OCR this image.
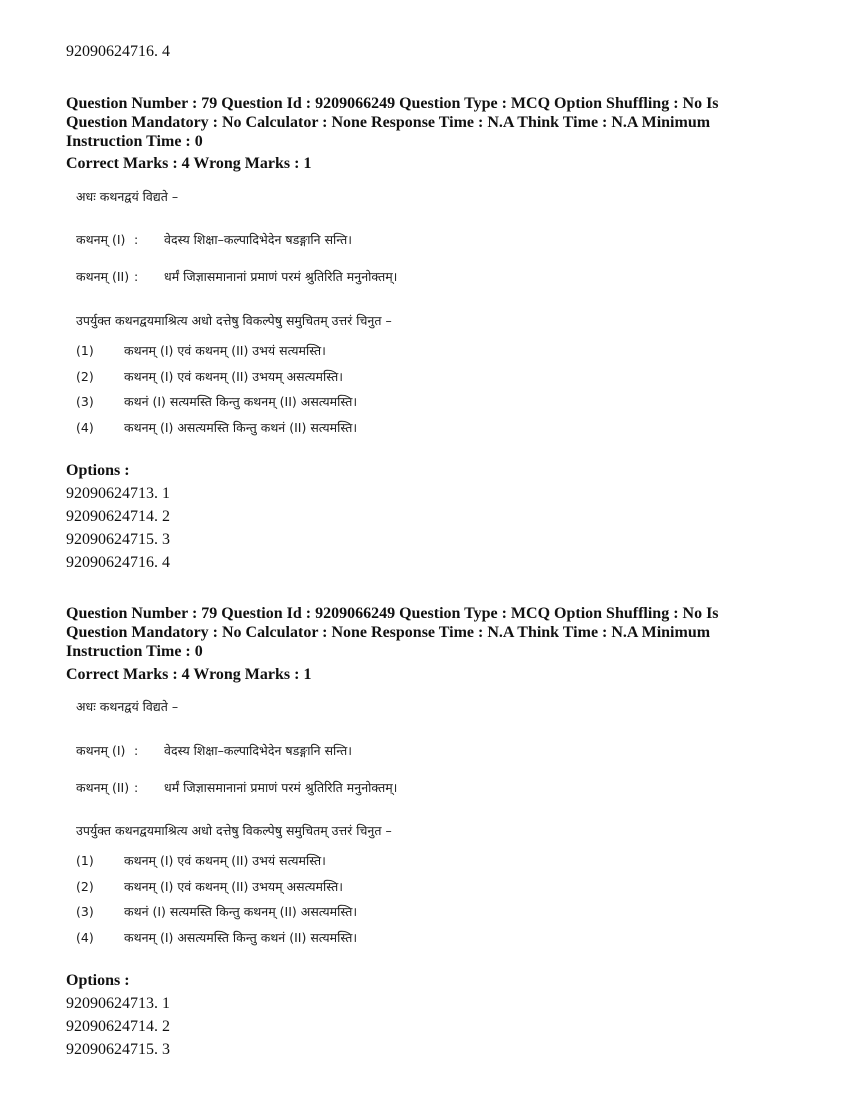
92090624716. 4
Question Number : 79 Question Id : 9209066249 Question Type : MCQ Option Shuffling : No Is
Question Mandatory : No Calculator : None Response Time : N.A Think Time : N.A Minimum
Instruction Time : 0
Correct Marks : 4 Wrong Marks : 1
अधः कथनद्वयं विद्यते –
कथनम् (I) : वेदस्य शिक्षा–कल्पादिभेदेन षडङ्गानि सन्ति।
कथनम् (II) : धर्मं जिज्ञासमानानां प्रमाणं परमं श्रुतिरिति मनुनोक्तम्।
उपर्युक्त कथनद्वयमाश्रित्य अधो दत्तेषु विकल्पेषु समुचितम् उत्तरं चिनुत –
(1) कथनम् (I) एवं कथनम् (II) उभयं सत्यमस्ति।
(2) कथनम् (I) एवं कथनम् (II) उभयम् असत्यमस्ति।
(3) कथनं (I) सत्यमस्ति किन्तु कथनम् (II) असत्यमस्ति।
(4) कथनम् (I) असत्यमस्ति किन्तु कथनं (II) सत्यमस्ति।
Options :
92090624713. 1
92090624714. 2
92090624715. 3
92090624716. 4
Question Number : 79 Question Id : 9209066249 Question Type : MCQ Option Shuffling : No Is
Question Mandatory : No Calculator : None Response Time : N.A Think Time : N.A Minimum
Instruction Time : 0
Correct Marks : 4 Wrong Marks : 1
अधः कथनद्वयं विद्यते –
कथनम् (I) : वेदस्य शिक्षा–कल्पादिभेदेन षडङ्गानि सन्ति।
कथनम् (II) : धर्मं जिज्ञासमानानां प्रमाणं परमं श्रुतिरिति मनुनोक्तम्।
उपर्युक्त कथनद्वयमाश्रित्य अधो दत्तेषु विकल्पेषु समुचितम् उत्तरं चिनुत –
(1) कथनम् (I) एवं कथनम् (II) उभयं सत्यमस्ति।
(2) कथनम् (I) एवं कथनम् (II) उभयम् असत्यमस्ति।
(3) कथनं (I) सत्यमस्ति किन्तु कथनम् (II) असत्यमस्ति।
(4) कथनम् (I) असत्यमस्ति किन्तु कथनं (II) सत्यमस्ति।
Options :
92090624713. 1
92090624714. 2
92090624715. 3
